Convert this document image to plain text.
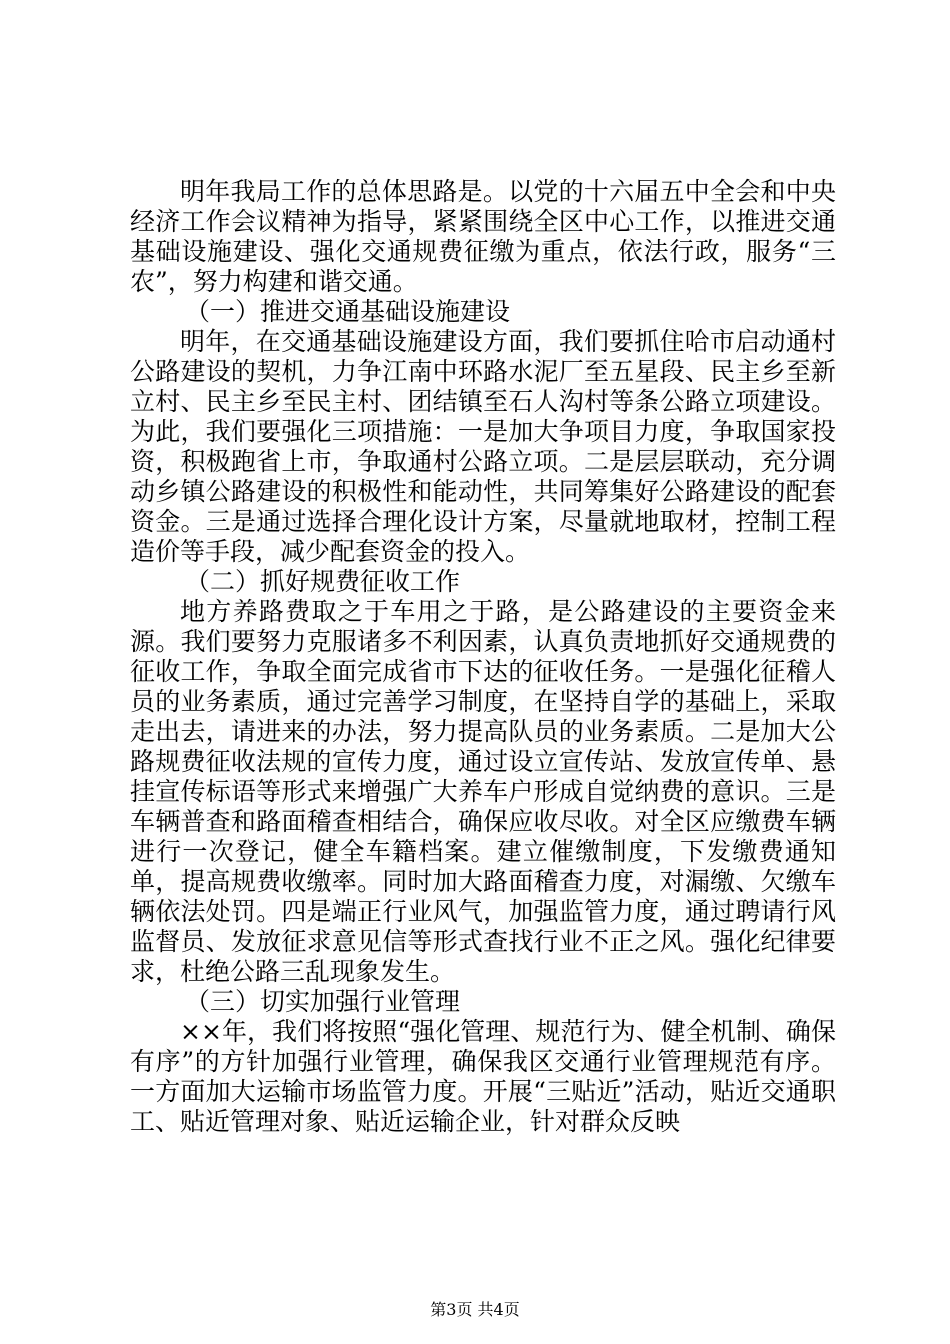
明年我局工作的总体思路是。以党的十六届五中全会和中央经济工作会议精神为指导，紧紧围绕全区中心工作，以推进交通基础设施建设、强化交通规费征缴为重点，依法行政，服务“三农”，努力构建和谐交通。

（一）推进交通基础设施建设

明年，在交通基础设施建设方面，我们要抓住哈市启动通村公路建设的契机，力争江南中环路水泥厂至五星段、民主乡至新立村、民主乡至民主村、团结镇至石人沟村等条公路立项建设。为此，我们要强化三项措施：一是加大争项目力度，争取国家投资，积极跑省上市，争取通村公路立项。二是层层联动，充分调动乡镇公路建设的积极性和能动性，共同筹集好公路建设的配套资金。三是通过选择合理化设计方案，尽量就地取材，控制工程造价等手段，减少配套资金的投入。

（二）抓好规费征收工作

地方养路费取之于车用之于路，是公路建设的主要资金来源。我们要努力克服诸多不利因素，认真负责地抓好交通规费的征收工作，争取全面完成省市下达的征收任务。一是强化征稽人员的业务素质，通过完善学习制度，在坚持自学的基础上，采取走出去，请进来的办法，努力提高队员的业务素质。二是加大公路规费征收法规的宣传力度，通过设立宣传站、发放宣传单、悬挂宣传标语等形式来增强广大养车户形成自觉纳费的意识。三是车辆普查和路面稽查相结合，确保应收尽收。对全区应缴费车辆进行一次登记，健全车籍档案。建立催缴制度，下发缴费通知单，提高规费收缴率。同时加大路面稽查力度，对漏缴、欠缴车辆依法处罚。四是端正行业风气，加强监管力度，通过聘请行风监督员、发放征求意见信等形式查找行业不正之风。强化纪律要求，杜绝公路三乱现象发生。

（三）切实加强行业管理

××年，我们将按照“强化管理、规范行为、健全机制、确保有序”的方针加强行业管理，确保我区交通行业管理规范有序。一方面加大运输市场监管力度。开展“三贴近”活动，贴近交通职工、贴近管理对象、贴近运输企业，针对群众反映

第3页 共4页
